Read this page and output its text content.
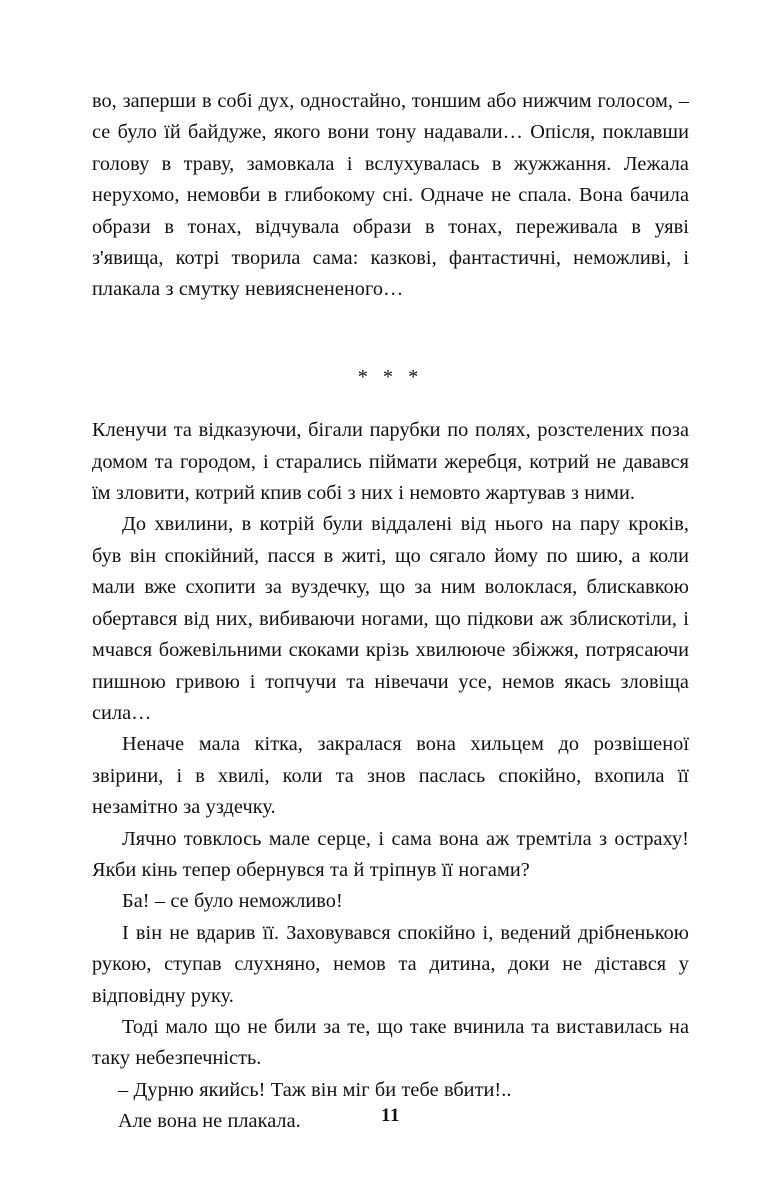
во, заперши в собі дух, одностайно, тоншим або нижчим голосом, – се було їй байдуже, якого вони тону надавали… Опісля, поклавши голову в траву, замовкала і вслухувалась в жужжання. Лежала нерухомо, немовби в глибокому сні. Одначе не спала. Вона бачила образи в тонах, відчувала образи в тонах, переживала в уяві з'явища, котрі творила сама: казкові, фантастичні, неможливі, і плакала з смутку невияснененого…

* * *

Кленучи та відказуючи, бігали парубки по полях, розстелених поза домом та городом, і старались піймати жеребця, котрий не давався їм зловити, котрий кпив собі з них і немовто жартував з ними.

До хвилини, в котрій були віддалені від нього на пару кроків, був він спокійний, пасся в житі, що сягало йому по шию, а коли мали вже схопити за вуздечку, що за ним волоклася, блискавкою обертався від них, вибиваючи ногами, що підкови аж зблискотіли, і мчався божевільними скоками крізь хвилююче збіжжя, потрясаючи пишною гривою і топчучи та нівечачи усе, немов якась зловіща сила…

Неначе мала кітка, закралася вона хильцем до розвішеної звірини, і в хвилі, коли та знов паслась спокійно, вхопила її незамітно за уздечку.

Лячно товклось мале серце, і сама вона аж тремтіла з остраху! Якби кінь тепер обернувся та й тріпнув її ногами?

Ба! – се було неможливо!

І він не вдарив її. Заховувався спокійно і, ведений дрібненькою рукою, ступав слухняно, немов та дитина, доки не дістався у відповідну руку.

Тоді мало що не били за те, що таке вчинила та виставилась на таку небезпечність.

– Дурню якийсь! Таж він міг би тебе вбити!..

Але вона не плакала.	11
